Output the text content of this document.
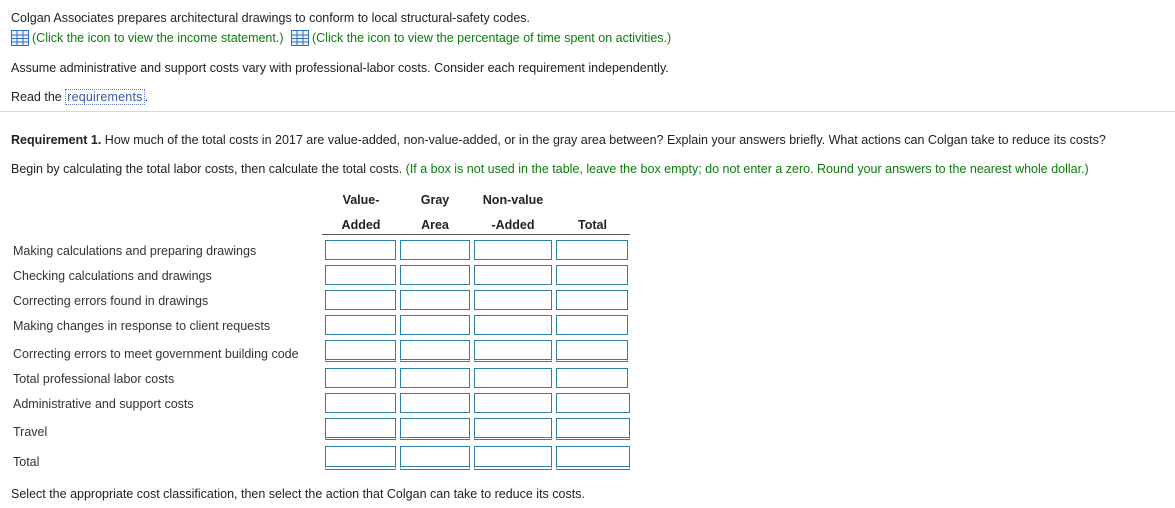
Colgan Associates prepares architectural drawings to conform to local structural-safety codes.
(Click the icon to view the income statement.) (Click the icon to view the percentage of time spent on activities.)
Assume administrative and support costs vary with professional-labor costs. Consider each requirement independently.
Read the requirements .
Requirement 1. How much of the total costs in 2017 are value-added, non-value-added, or in the gray area between? Explain your answers briefly. What actions can Colgan take to reduce its costs?
Begin by calculating the total labor costs, then calculate the total costs. (If a box is not used in the table, leave the box empty; do not enter a zero. Round your answers to the nearest whole dollar.)
Value-
Added
Gray
Area
Non-value
-Added	Total
Making calculations and preparing drawings
Checking calculations and drawings
Correcting errors found in drawings
Making changes in response to client requests
Correcting errors to meet government building code
Total professional labor costs
Administrative and support costs
Travel
Total
Select the appropriate cost classification, then select the action that Colgan can take to reduce its costs.
